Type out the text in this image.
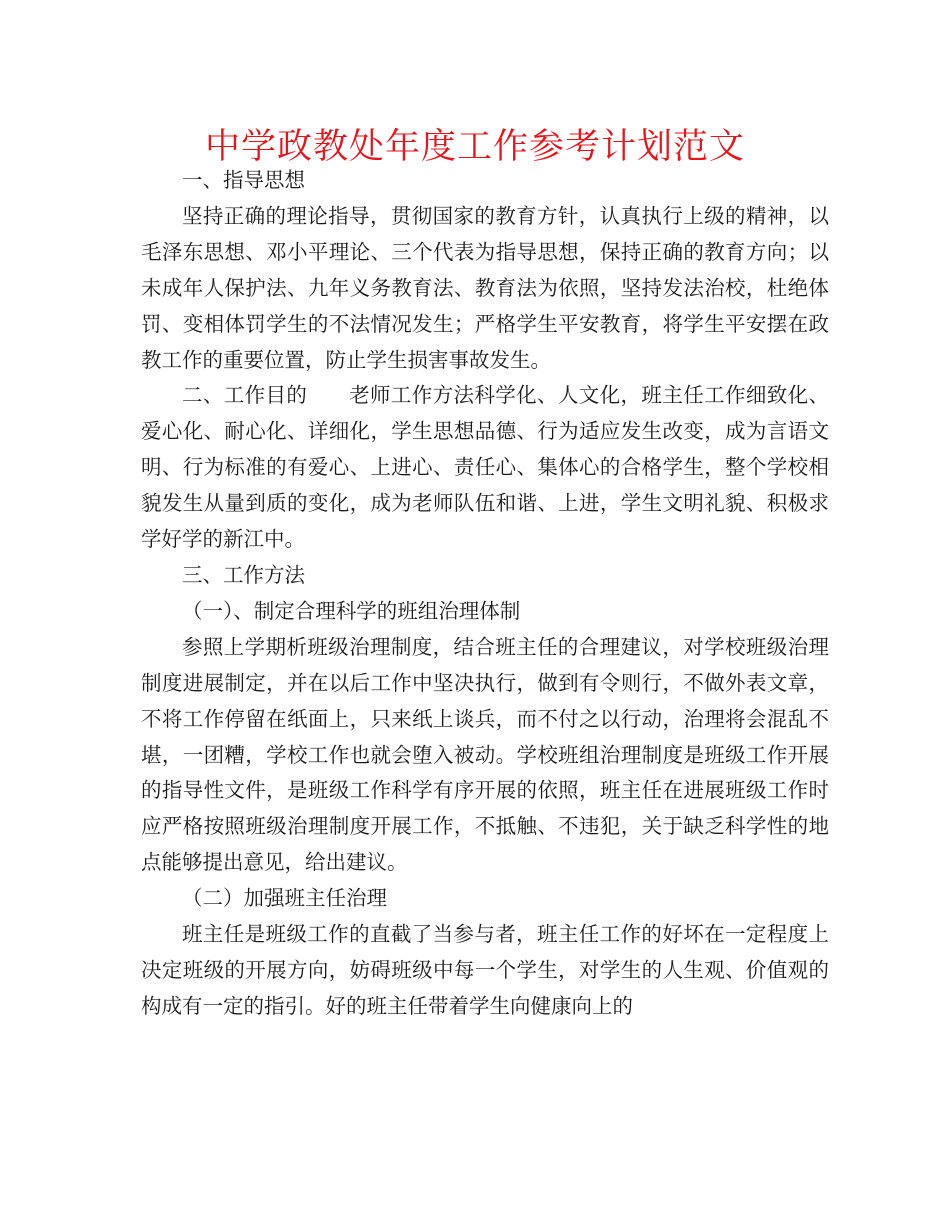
中学政教处年度工作参考计划范文

一、指导思想

坚持正确的理论指导，贯彻国家的教育方针，认真执行上级的精神，以毛泽东思想、邓小平理论、三个代表为指导思想，保持正确的教育方向；以未成年人保护法、九年义务教育法、教育法为依照，坚持发法治校，杜绝体罚、变相体罚学生的不法情况发生；严格学生平安教育，将学生平安摆在政教工作的重要位置，防止学生损害事故发生。

二、工作目的　　老师工作方法科学化、人文化，班主任工作细致化、爱心化、耐心化、详细化，学生思想品德、行为适应发生改变，成为言语文明、行为标准的有爱心、上进心、责任心、集体心的合格学生，整个学校相貌发生从量到质的变化，成为老师队伍和谐、上进，学生文明礼貌、积极求学好学的新江中。

三、工作方法

（一）、制定合理科学的班组治理体制

参照上学期析班级治理制度，结合班主任的合理建议，对学校班级治理制度进展制定，并在以后工作中坚决执行，做到有令则行，不做外表文章，不将工作停留在纸面上，只来纸上谈兵，而不付之以行动，治理将会混乱不堪，一团糟，学校工作也就会堕入被动。学校班组治理制度是班级工作开展的指导性文件，是班级工作科学有序开展的依照，班主任在进展班级工作时应严格按照班级治理制度开展工作，不抵触、不违犯，关于缺乏科学性的地点能够提出意见，给出建议。

（二）加强班主任治理

班主任是班级工作的直截了当参与者，班主任工作的好坏在一定程度上决定班级的开展方向，妨碍班级中每一个学生，对学生的人生观、价值观的构成有一定的指引。好的班主任带着学生向健康向上的
